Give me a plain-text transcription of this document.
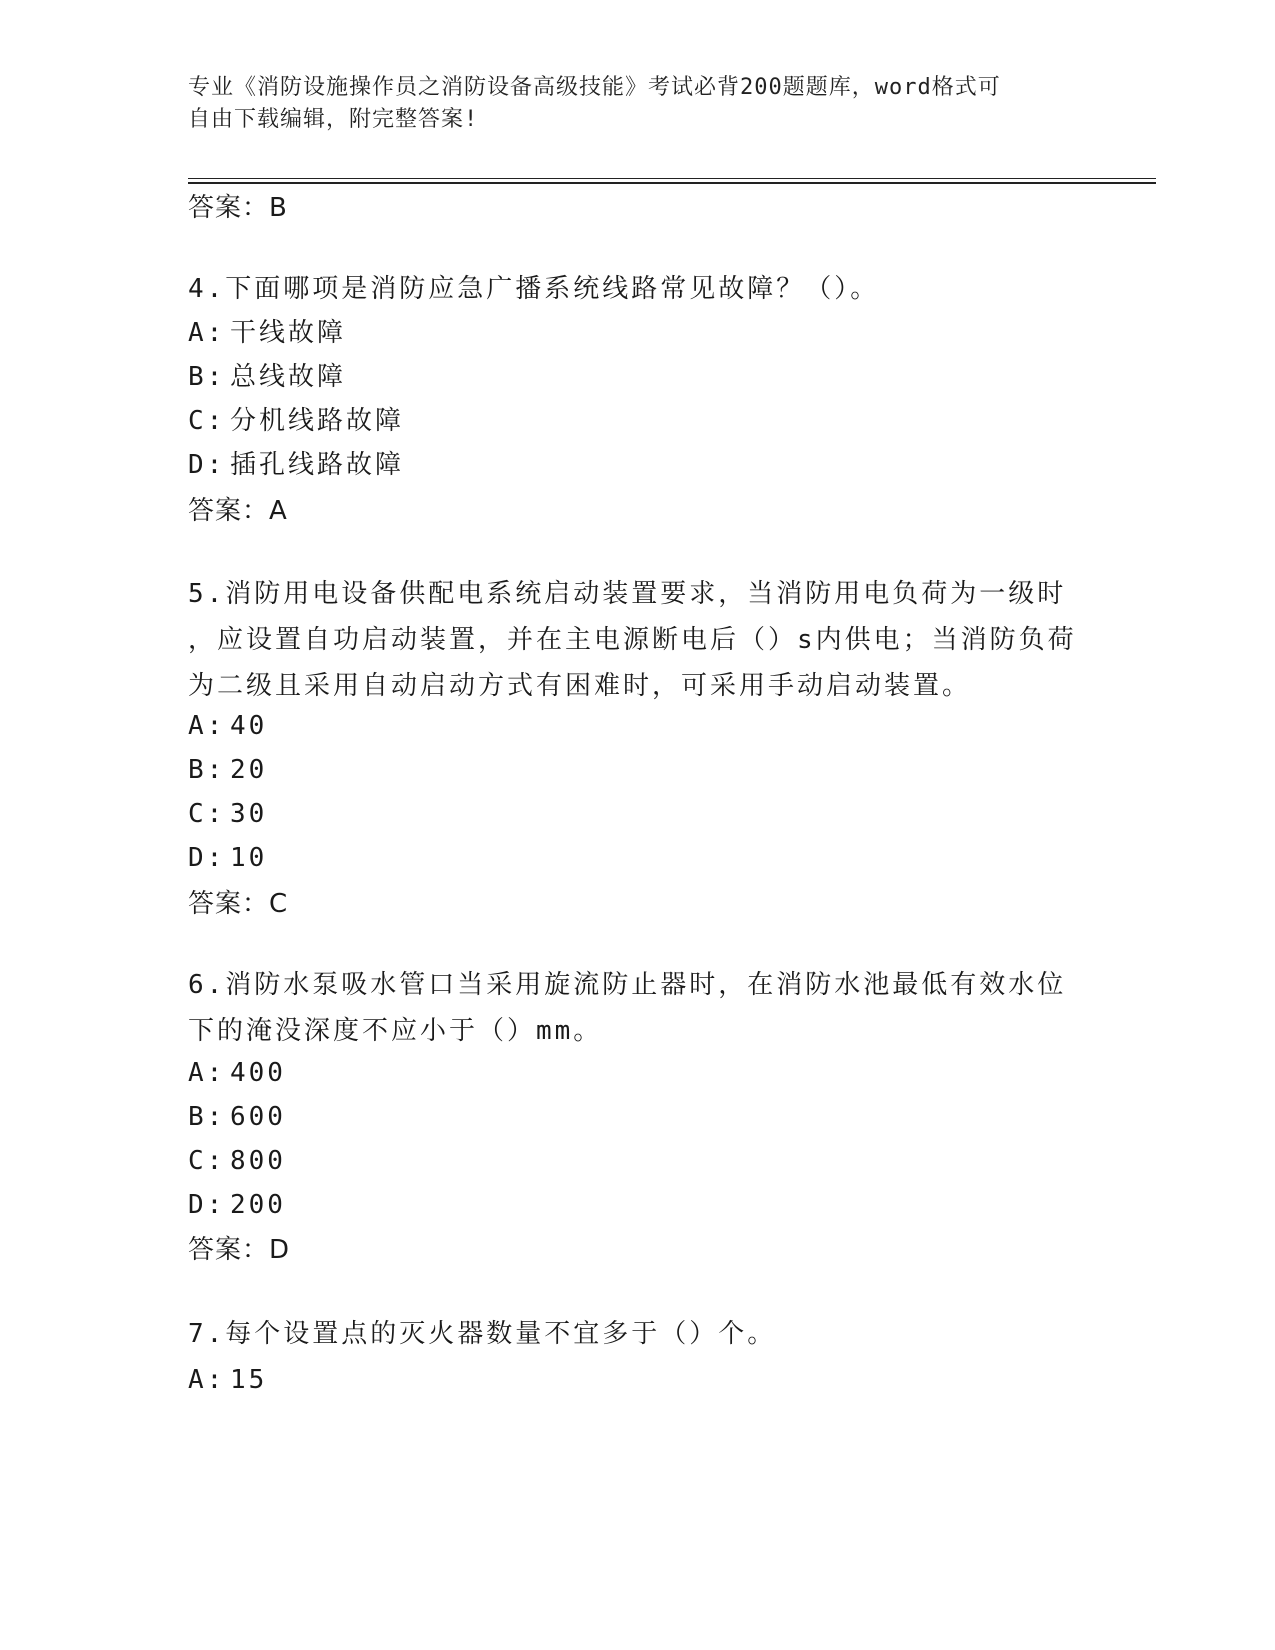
专业《消防设施操作员之消防设备高级技能》考试必背200题题库，word格式可
自由下载编辑，附完整答案!
答案：B
4.下面哪项是消防应急广播系统线路常见故障？（）。
A: 干线故障
B: 总线故障
C: 分机线路故障
D: 插孔线路故障
答案：A
5.消防用电设备供配电系统启动装置要求，当消防用电负荷为一级时
，应设置自功启动装置，并在主电源断电后（）s内供电；当消防负荷
为二级且采用自动启动方式有困难时，可采用手动启动装置。
A: 40
B: 20
C: 30
D: 10
答案：C
6.消防水泵吸水管口当采用旋流防止器时，在消防水池最低有效水位
下的淹没深度不应小于（）mm。
A: 400
B: 600
C: 800
D: 200
答案：D
7.每个设置点的灭火器数量不宜多于（）个。
A: 15
